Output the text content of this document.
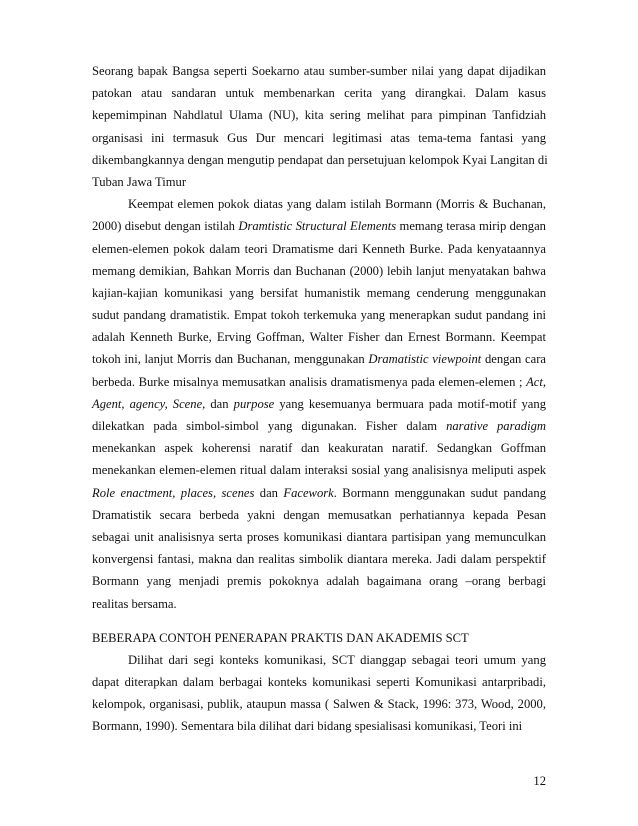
Seorang bapak Bangsa seperti Soekarno atau sumber-sumber nilai yang dapat dijadikan
patokan atau sandaran untuk membenarkan cerita yang dirangkai. Dalam kasus
kepemimpinan Nahdlatul Ulama (NU), kita sering melihat para pimpinan Tanfidziah
organisasi ini termasuk Gus Dur mencari legitimasi atas tema-tema fantasi yang
dikembangkannya dengan mengutip pendapat dan persetujuan kelompok Kyai Langitan di
Tuban Jawa Timur
Keempat elemen pokok diatas yang dalam istilah Bormann (Morris & Buchanan,
2000) disebut dengan istilah Dramtistic Structural Elements memang terasa mirip dengan
elemen-elemen pokok dalam teori Dramatisme dari Kenneth Burke. Pada kenyataannya
memang demikian, Bahkan Morris dan Buchanan (2000) lebih lanjut menyatakan bahwa
kajian-kajian komunikasi yang bersifat humanistik memang cenderung menggunakan
sudut pandang dramatistik. Empat tokoh terkemuka yang menerapkan sudut pandang ini
adalah Kenneth Burke, Erving Goffman, Walter Fisher dan Ernest Bormann. Keempat
tokoh ini, lanjut Morris dan Buchanan, menggunakan Dramatistic viewpoint dengan cara
berbeda. Burke misalnya memusatkan analisis dramatismenya pada elemen-elemen ; Act,
Agent, agency, Scene, dan purpose yang kesemuanya bermuara pada motif-motif yang
dilekatkan pada simbol-simbol yang digunakan. Fisher dalam narative paradigm
menekankan aspek koherensi naratif dan keakuratan naratif. Sedangkan Goffman
menekankan elemen-elemen ritual dalam interaksi sosial yang analisisnya meliputi aspek
Role enactment, places, scenes dan Facework. Bormann menggunakan sudut pandang
Dramatistik secara berbeda yakni dengan memusatkan perhatiannya kepada Pesan
sebagai unit analisisnya serta proses komunikasi diantara partisipan yang memunculkan
konvergensi fantasi, makna dan realitas simbolik diantara mereka. Jadi dalam perspektif
Bormann yang menjadi premis pokoknya adalah bagaimana orang –orang berbagi
realitas bersama.
BEBERAPA CONTOH PENERAPAN PRAKTIS DAN AKADEMIS SCT
Dilihat dari segi konteks komunikasi, SCT dianggap sebagai teori umum yang
dapat diterapkan dalam berbagai konteks komunikasi seperti Komunikasi antarpribadi,
kelompok, organisasi, publik, ataupun massa ( Salwen & Stack, 1996: 373, Wood, 2000,
Bormann, 1990). Sementara bila dilihat dari bidang spesialisasi komunikasi, Teori ini
12
